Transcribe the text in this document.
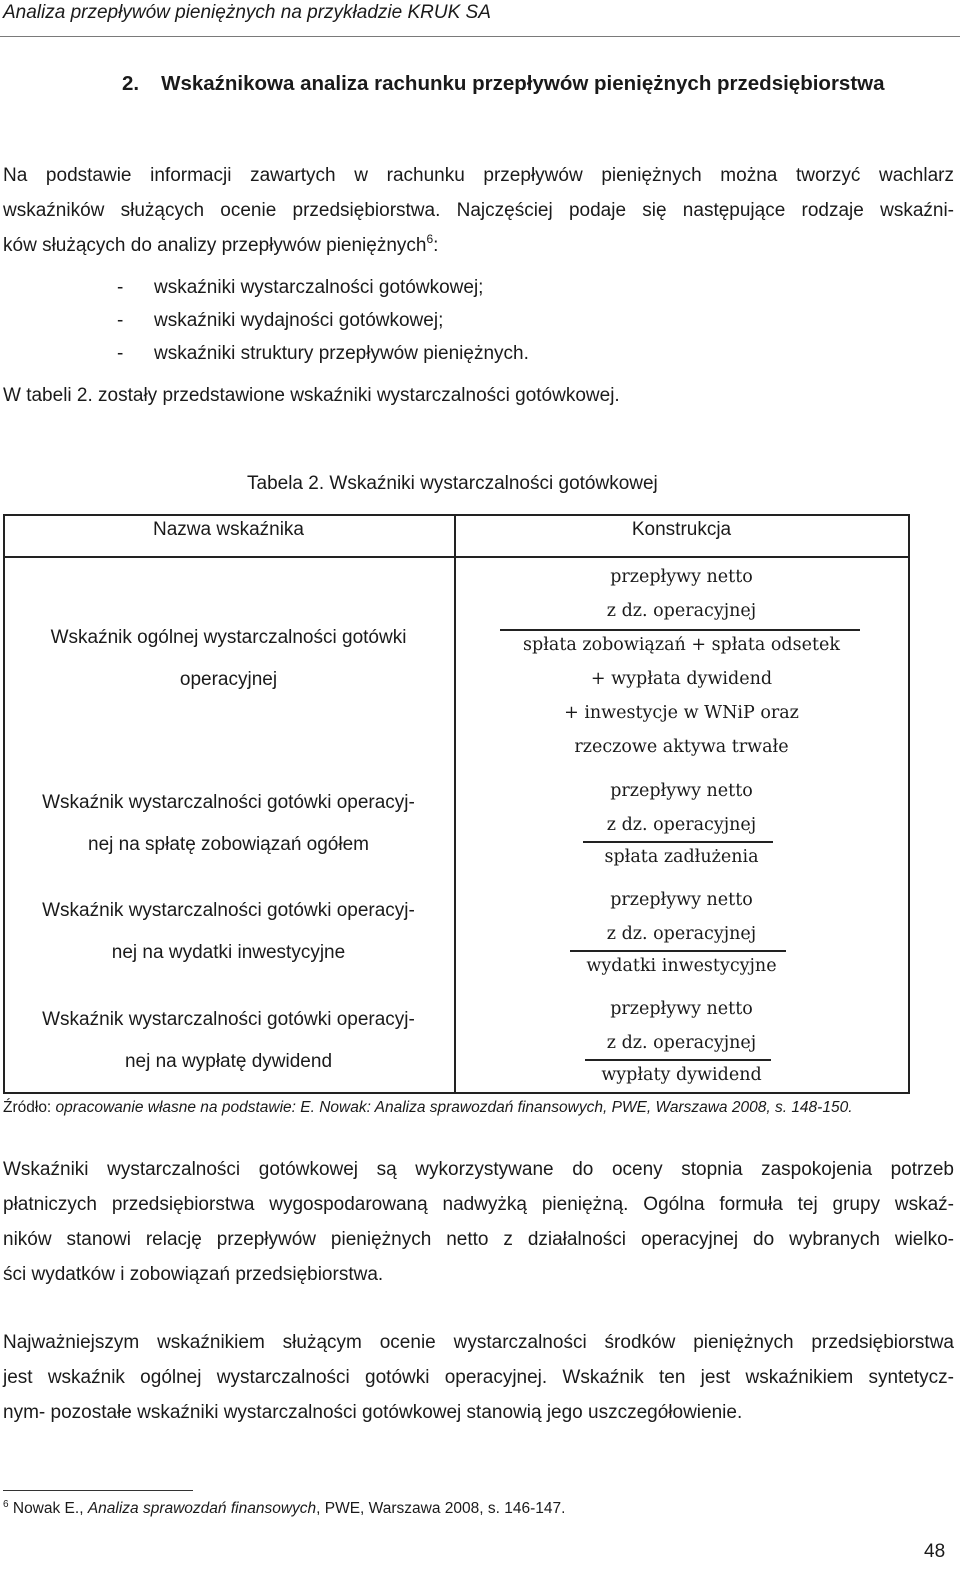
Analiza przepływów pieniężnych na przykładzie KRUK SA
2. Wskaźnikowa analiza rachunku przepływów pieniężnych przedsiębiorstwa
Na podstawie informacji zawartych w rachunku przepływów pieniężnych można tworzyć wachlarz
wskaźników służących ocenie przedsiębiorstwa. Najczęściej podaje się następujące rodzaje wskaźni-
ków służących do analizy przepływów pieniężnych$^6$:
- wskaźniki wystarczalności gotówkowej;
- wskaźniki wydajności gotówkowej;
- wskaźniki struktury przepływów pieniężnych.
W tabeli 2. zostały przedstawione wskaźniki wystarczalności gotówkowej.
Tabela 2. Wskaźniki wystarczalności gotówkowej
Nazwa wskaźnika	Konstrukcja
Wskaźnik ogólnej wystarczalności gotówki
operacyjnej
przepływy netto
z dz. operacyjnej
spłata zobowiązań + spłata odsetek
+ wypłata dywidend
+ inwestycje w WNiP oraz
rzeczowe aktywa trwałe
Wskaźnik wystarczalności gotówki operacyj-
nej na spłatę zobowiązań ogółem
przepływy netto
z dz. operacyjnej
spłata zadłużenia
Wskaźnik wystarczalności gotówki operacyj-
nej na wydatki inwestycyjne
przepływy netto
z dz. operacyjnej
wydatki inwestycyjne
Wskaźnik wystarczalności gotówki operacyj-
nej na wypłatę dywidend
przepływy netto
z dz. operacyjnej
wypłaty dywidend
Źródło: opracowanie własne na podstawie: E. Nowak: Analiza sprawozdań finansowych, PWE, Warszawa 2008, s. 148-150.
Wskaźniki wystarczalności gotówkowej są wykorzystywane do oceny stopnia zaspokojenia potrzeb
płatniczych przedsiębiorstwa wygospodarowaną nadwyżką pieniężną. Ogólna formuła tej grupy wskaź-
ników stanowi relację przepływów pieniężnych netto z działalności operacyjnej do wybranych wielko-
ści wydatków i zobowiązań przedsiębiorstwa.
Najważniejszym wskaźnikiem służącym ocenie wystarczalności środków pieniężnych przedsiębiorstwa
jest wskaźnik ogólnej wystarczalności gotówki operacyjnej. Wskaźnik ten jest wskaźnikiem syntetycz-
nym- pozostałe wskaźniki wystarczalności gotówkowej stanowią jego uszczegółowienie.
$^6$ Nowak E., Analiza sprawozdań finansowych, PWE, Warszawa 2008, s. 146-147.
48
